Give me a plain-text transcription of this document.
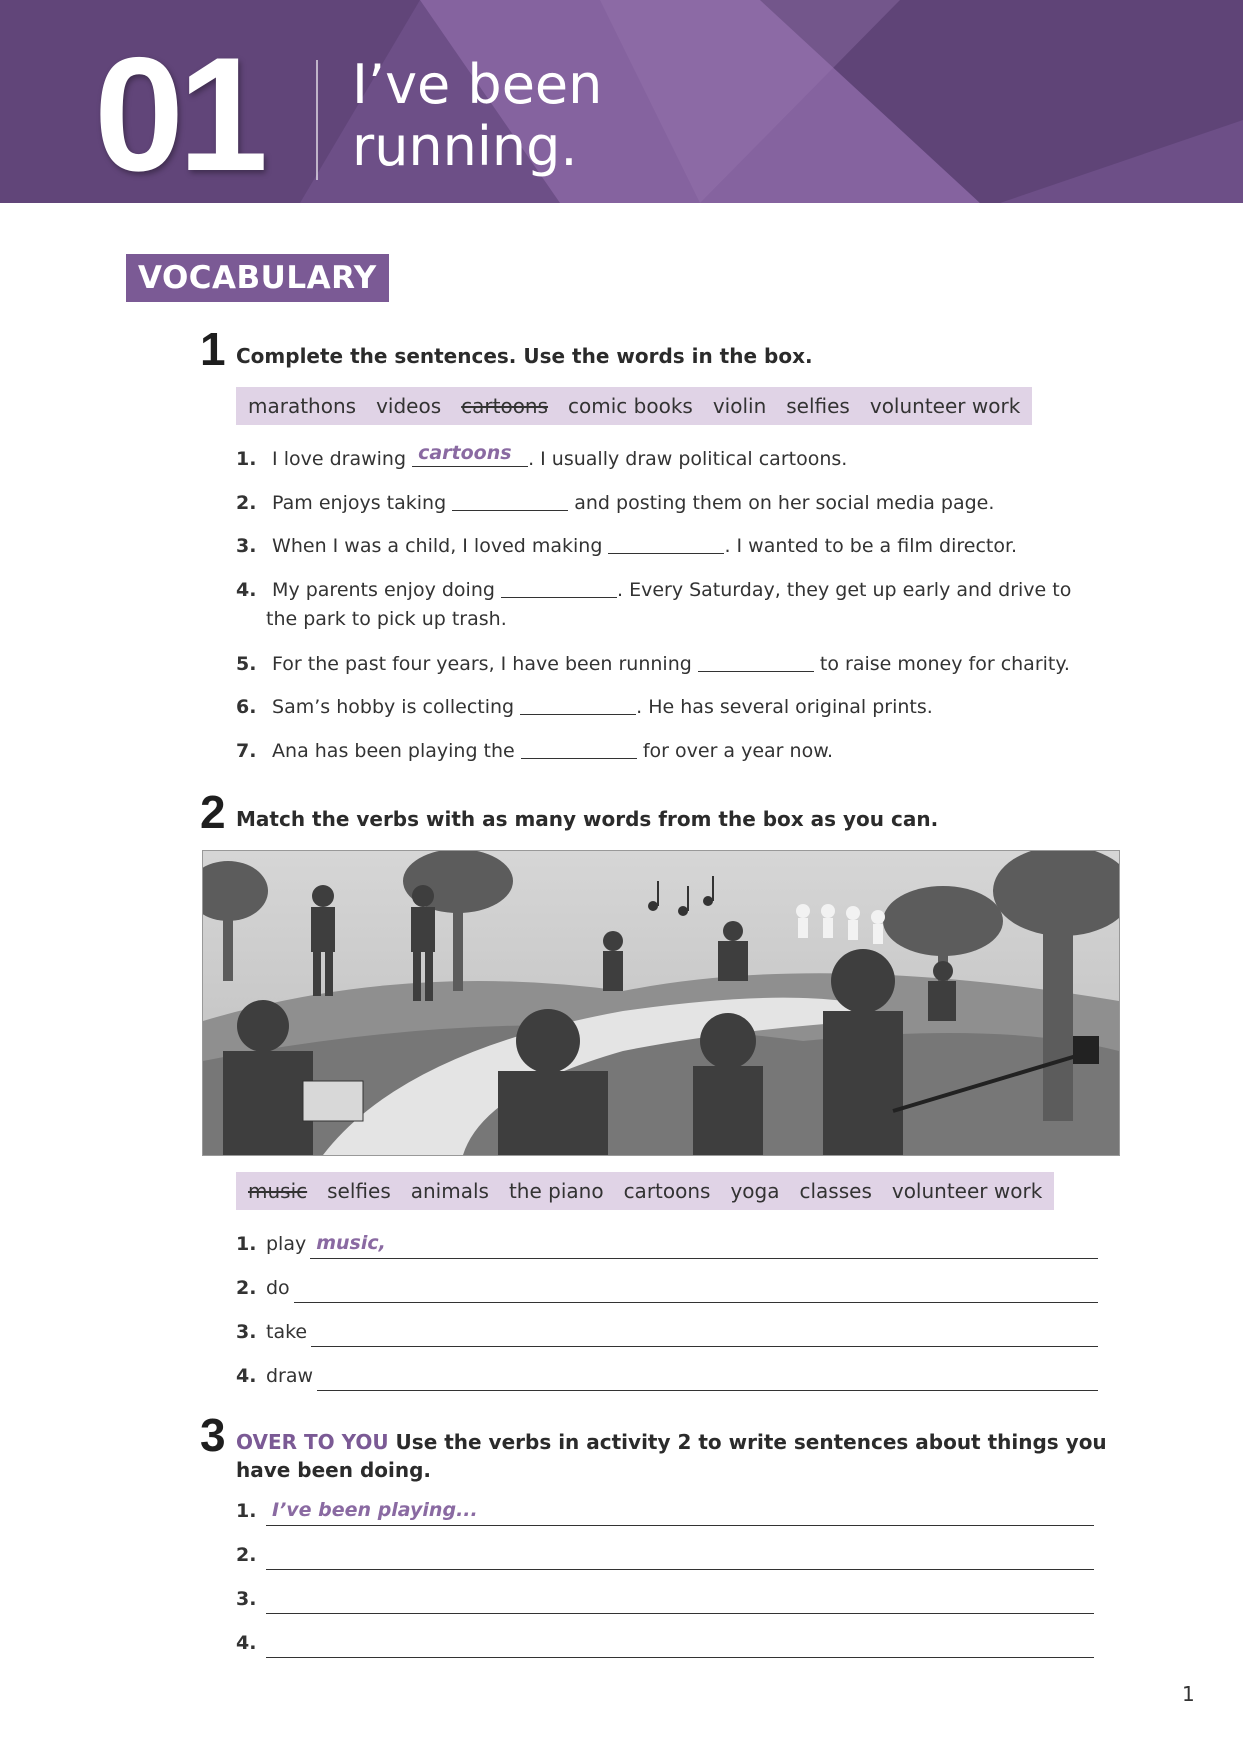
01 I’ve been
running.
VOCABULARY
1 Complete the sentences. Use the words in the box.
marathons videos cartoons comic books violin selfies volunteer work
1. I love drawing cartoons . I usually draw political cartoons.
2. Pam enjoys taking	and posting them on her social media page.
3. When I was a child, I loved making	. I wanted to be a film director.
4. My parents enjoy doing	. Every Saturday, they get up early and drive to
the park to pick up trash.
5. For the past four years, I have been running	to raise money for charity.
6. Sam’s hobby is collecting	. He has several original prints.
7. Ana has been playing the	for over a year now.
2 Match the verbs with as many words from the box as you can.
music selfies animals the piano cartoons yoga classes volunteer work
1. play music,
2. do
3. take
4. draw
3 OVER TO YOU Use the verbs in activity 2 to write sentences about things you
have been doing.
1. I’ve been playing...
2.
3.
4.
1
